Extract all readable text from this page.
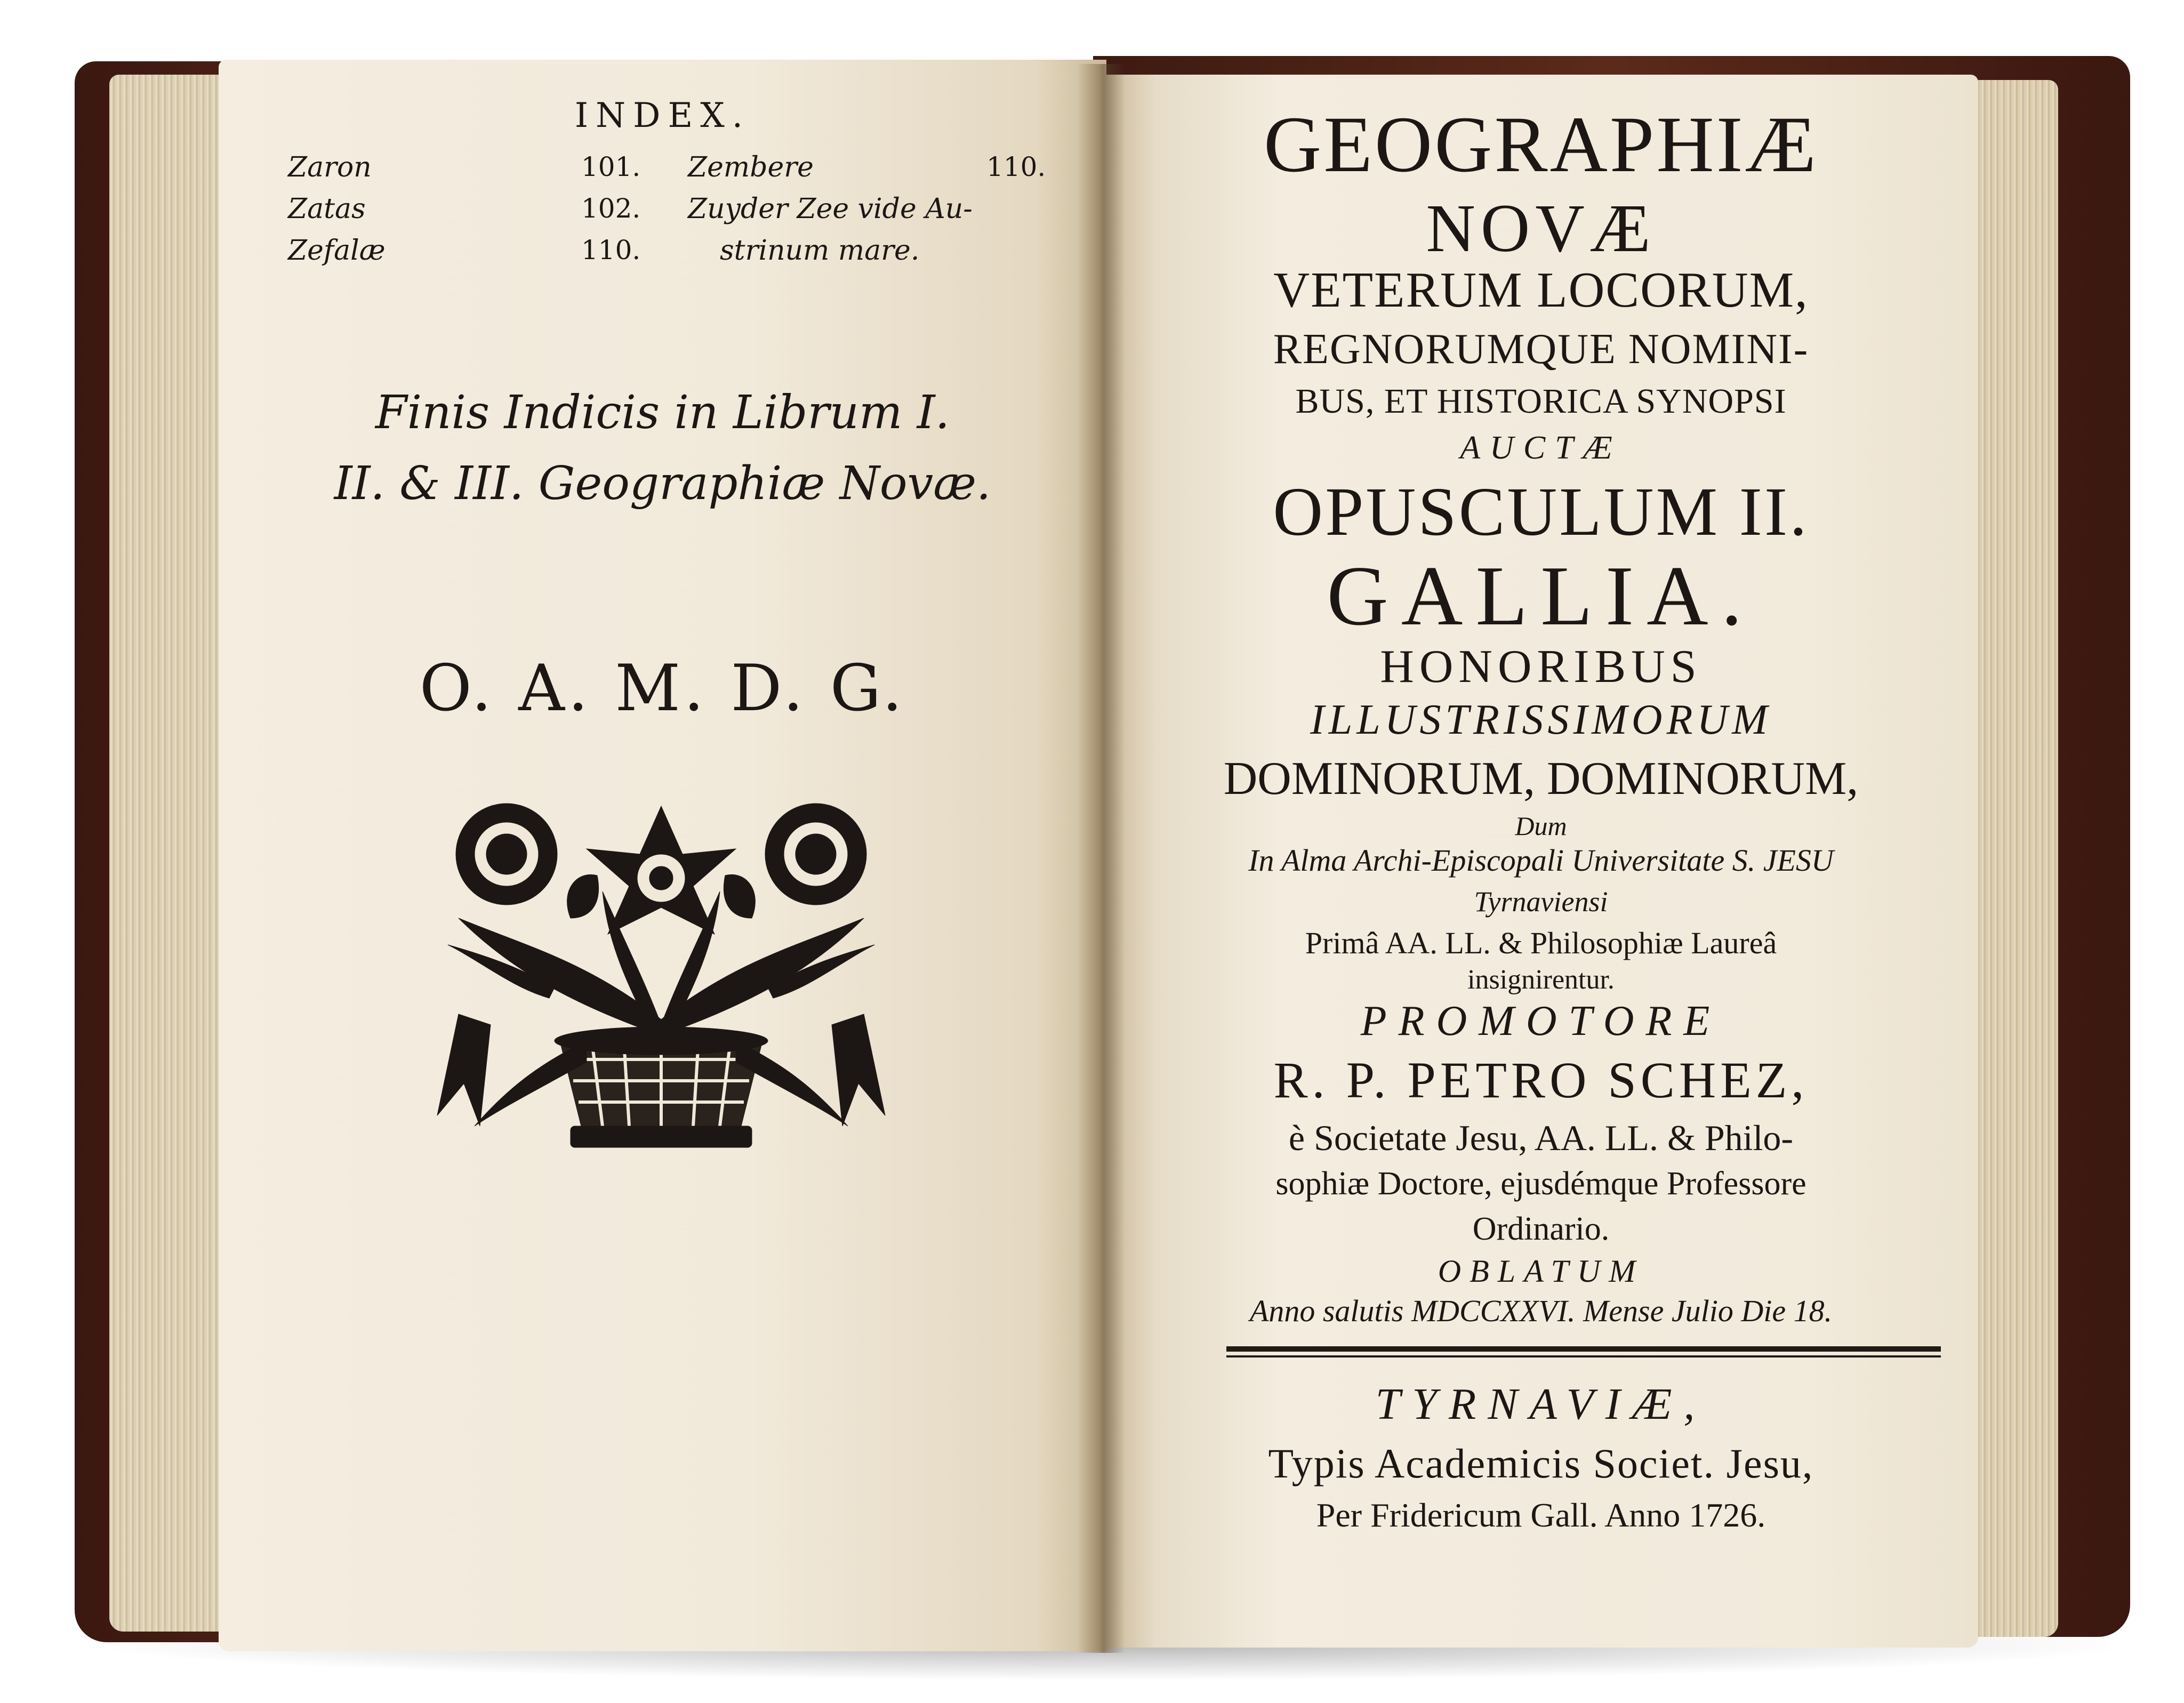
INDEX.
Zaron	101. Zembere	110.
Zatas	102. Zuyder Zee vide Au-
Zefalæ	110.	strinum mare.
Finis Indicis in Librum I.
II. & III. Geographiæ Novæ.
O. A. M. D. G.
GEOGRAPHIÆ
NOVÆ
VETERUM LOCORUM,
REGNORUMQUE NOMINI-
BUS, ET HISTORICA SYNOPSI
AUCTÆ
OPUSCULUM II.
GALLIA.
HONORIBUS
ILLUSTRISSIMORUM
DOMINORUM, DOMINORUM,
Dum
In Alma Archi-Episcopali Universitate S. JESU
Tyrnaviensi
Primâ AA. LL. & Philosophiæ Laureâ
insignirentur.
PROMOTORE
R. P. PETRO SCHEZ,
è Societate Jesu, AA. LL. & Philo-
sophiæ Doctore, ejusdémque Professore
Ordinario.
OBLATUM
Anno salutis MDCCXXVI. Mense Julio Die 18.
TYRNAVIÆ,
Typis Academicis Societ. Jesu,
Per Fridericum Gall. Anno 1726.
